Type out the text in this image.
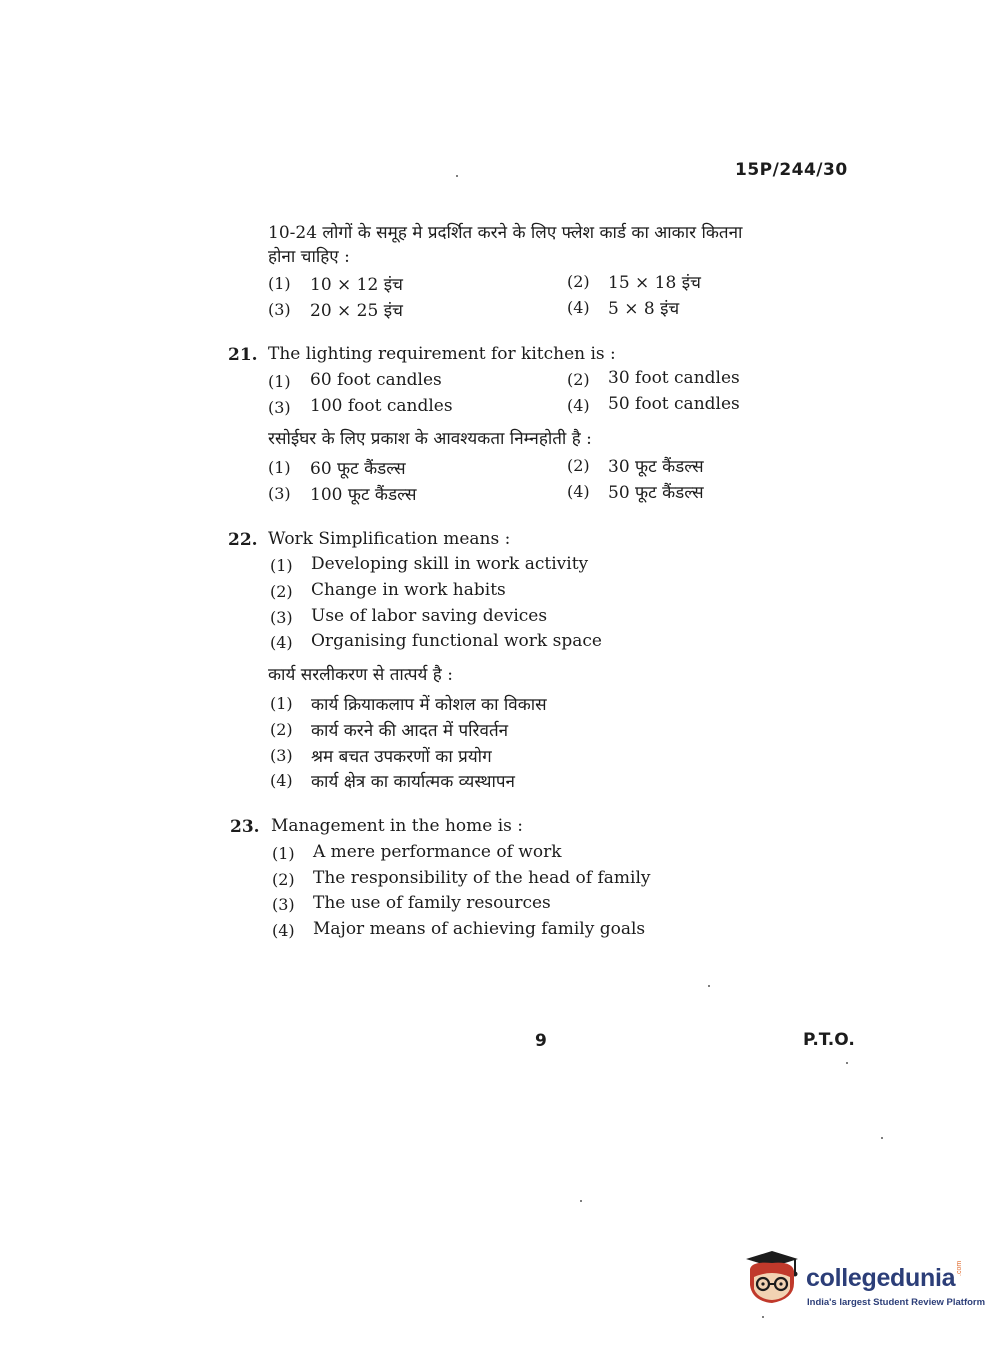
15P/244/30
10-24 लोगों के समूह मे प्रदर्शित करने के लिए फ्लेश कार्ड का आकार कितना
होना चाहिए :
(1) 10 × 12 इंच	(2) 15 × 18 इंच
(3) 20 × 25 इंच	(4) 5 × 8 इंच
21. The lighting requirement for kitchen is :
(1) 60 foot candles	(2) 30 foot candles
(3) 100 foot candles	(4) 50 foot candles
रसोईघर के लिए प्रकाश के आवश्यकता निम्नहोती है :
(1) 60 फूट कैंडल्स	(2) 30 फूट कैंडल्स
(3) 100 फूट कैंडल्स	(4) 50 फूट कैंडल्स
22. Work Simplification means :
(1) Developing skill in work activity
(2) Change in work habits
(3) Use of labor saving devices
(4) Organising functional work space
कार्य सरलीकरण से तात्पर्य है :
(1) कार्य क्रियाकलाप में कोशल का विकास
(2) कार्य करने की आदत में परिवर्तन
(3) श्रम बचत उपकरणों का प्रयोग
(4) कार्य क्षेत्र का कार्यात्मक व्यस्थापन
23. Management in the home is :
(1) A mere performance of work
(2) The responsibility of the head of family
(3) The use of family resources
(4) Major means of achieving family goals
9	P.T.O.
collegedunia .com
India's largest Student Review Platform
